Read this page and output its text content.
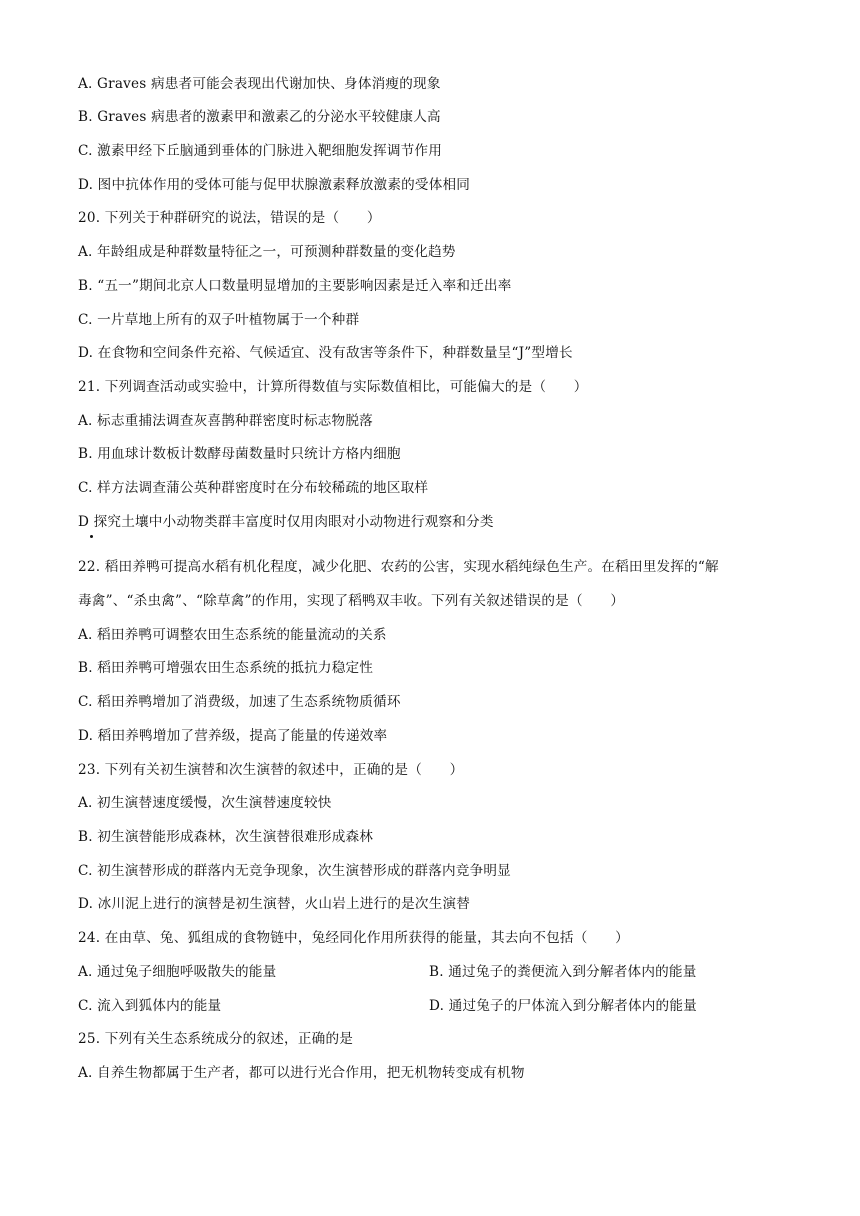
A. Graves 病患者可能会表现出代谢加快、身体消瘦的现象
B. Graves 病患者的激素甲和激素乙的分泌水平较健康人高
C. 激素甲经下丘脑通到垂体的门脉进入靶细胞发挥调节作用
D. 图中抗体作用的受体可能与促甲状腺激素释放激素的受体相同
20. 下列关于种群研究的说法，错误的是（　　）
A. 年龄组成是种群数量特征之一，可预测种群数量的变化趋势
B. “五一”期间北京人口数量明显增加的主要影响因素是迁入率和迁出率
C. 一片草地上所有的双子叶植物属于一个种群
D. 在食物和空间条件充裕、气候适宜、没有敌害等条件下，种群数量呈“J”型增长
21. 下列调查活动或实验中，计算所得数值与实际数值相比，可能偏大的是（　　）
A. 标志重捕法调查灰喜鹊种群密度时标志物脱落
B. 用血球计数板计数酵母菌数量时只统计方格内细胞
C. 样方法调查蒲公英种群密度时在分布较稀疏的地区取样
D 探究土壤中小动物类群丰富度时仅用肉眼对小动物进行观察和分类
22. 稻田养鸭可提高水稻有机化程度，减少化肥、农药的公害，实现水稻纯绿色生产。在稻田里发挥的“解
毒禽”、“杀虫禽”、“除草禽”的作用，实现了稻鸭双丰收。下列有关叙述错误的是（　　）
A. 稻田养鸭可调整农田生态系统的能量流动的关系
B. 稻田养鸭可增强农田生态系统的抵抗力稳定性
C. 稻田养鸭增加了消费级，加速了生态系统物质循环
D. 稻田养鸭增加了营养级，提高了能量的传递效率
23. 下列有关初生演替和次生演替的叙述中，正确的是（　　）
A. 初生演替速度缓慢，次生演替速度较快
B. 初生演替能形成森林，次生演替很难形成森林
C. 初生演替形成的群落内无竞争现象，次生演替形成的群落内竞争明显
D. 冰川泥上进行的演替是初生演替，火山岩上进行的是次生演替
24. 在由草、兔、狐组成的食物链中，兔经同化作用所获得的能量，其去向不包括（　　）
A. 通过兔子细胞呼吸散失的能量	B. 通过兔子的粪便流入到分解者体内的能量
C. 流入到狐体内的能量	D. 通过兔子的尸体流入到分解者体内的能量
25. 下列有关生态系统成分的叙述，正确的是
A. 自养生物都属于生产者，都可以进行光合作用，把无机物转变成有机物
